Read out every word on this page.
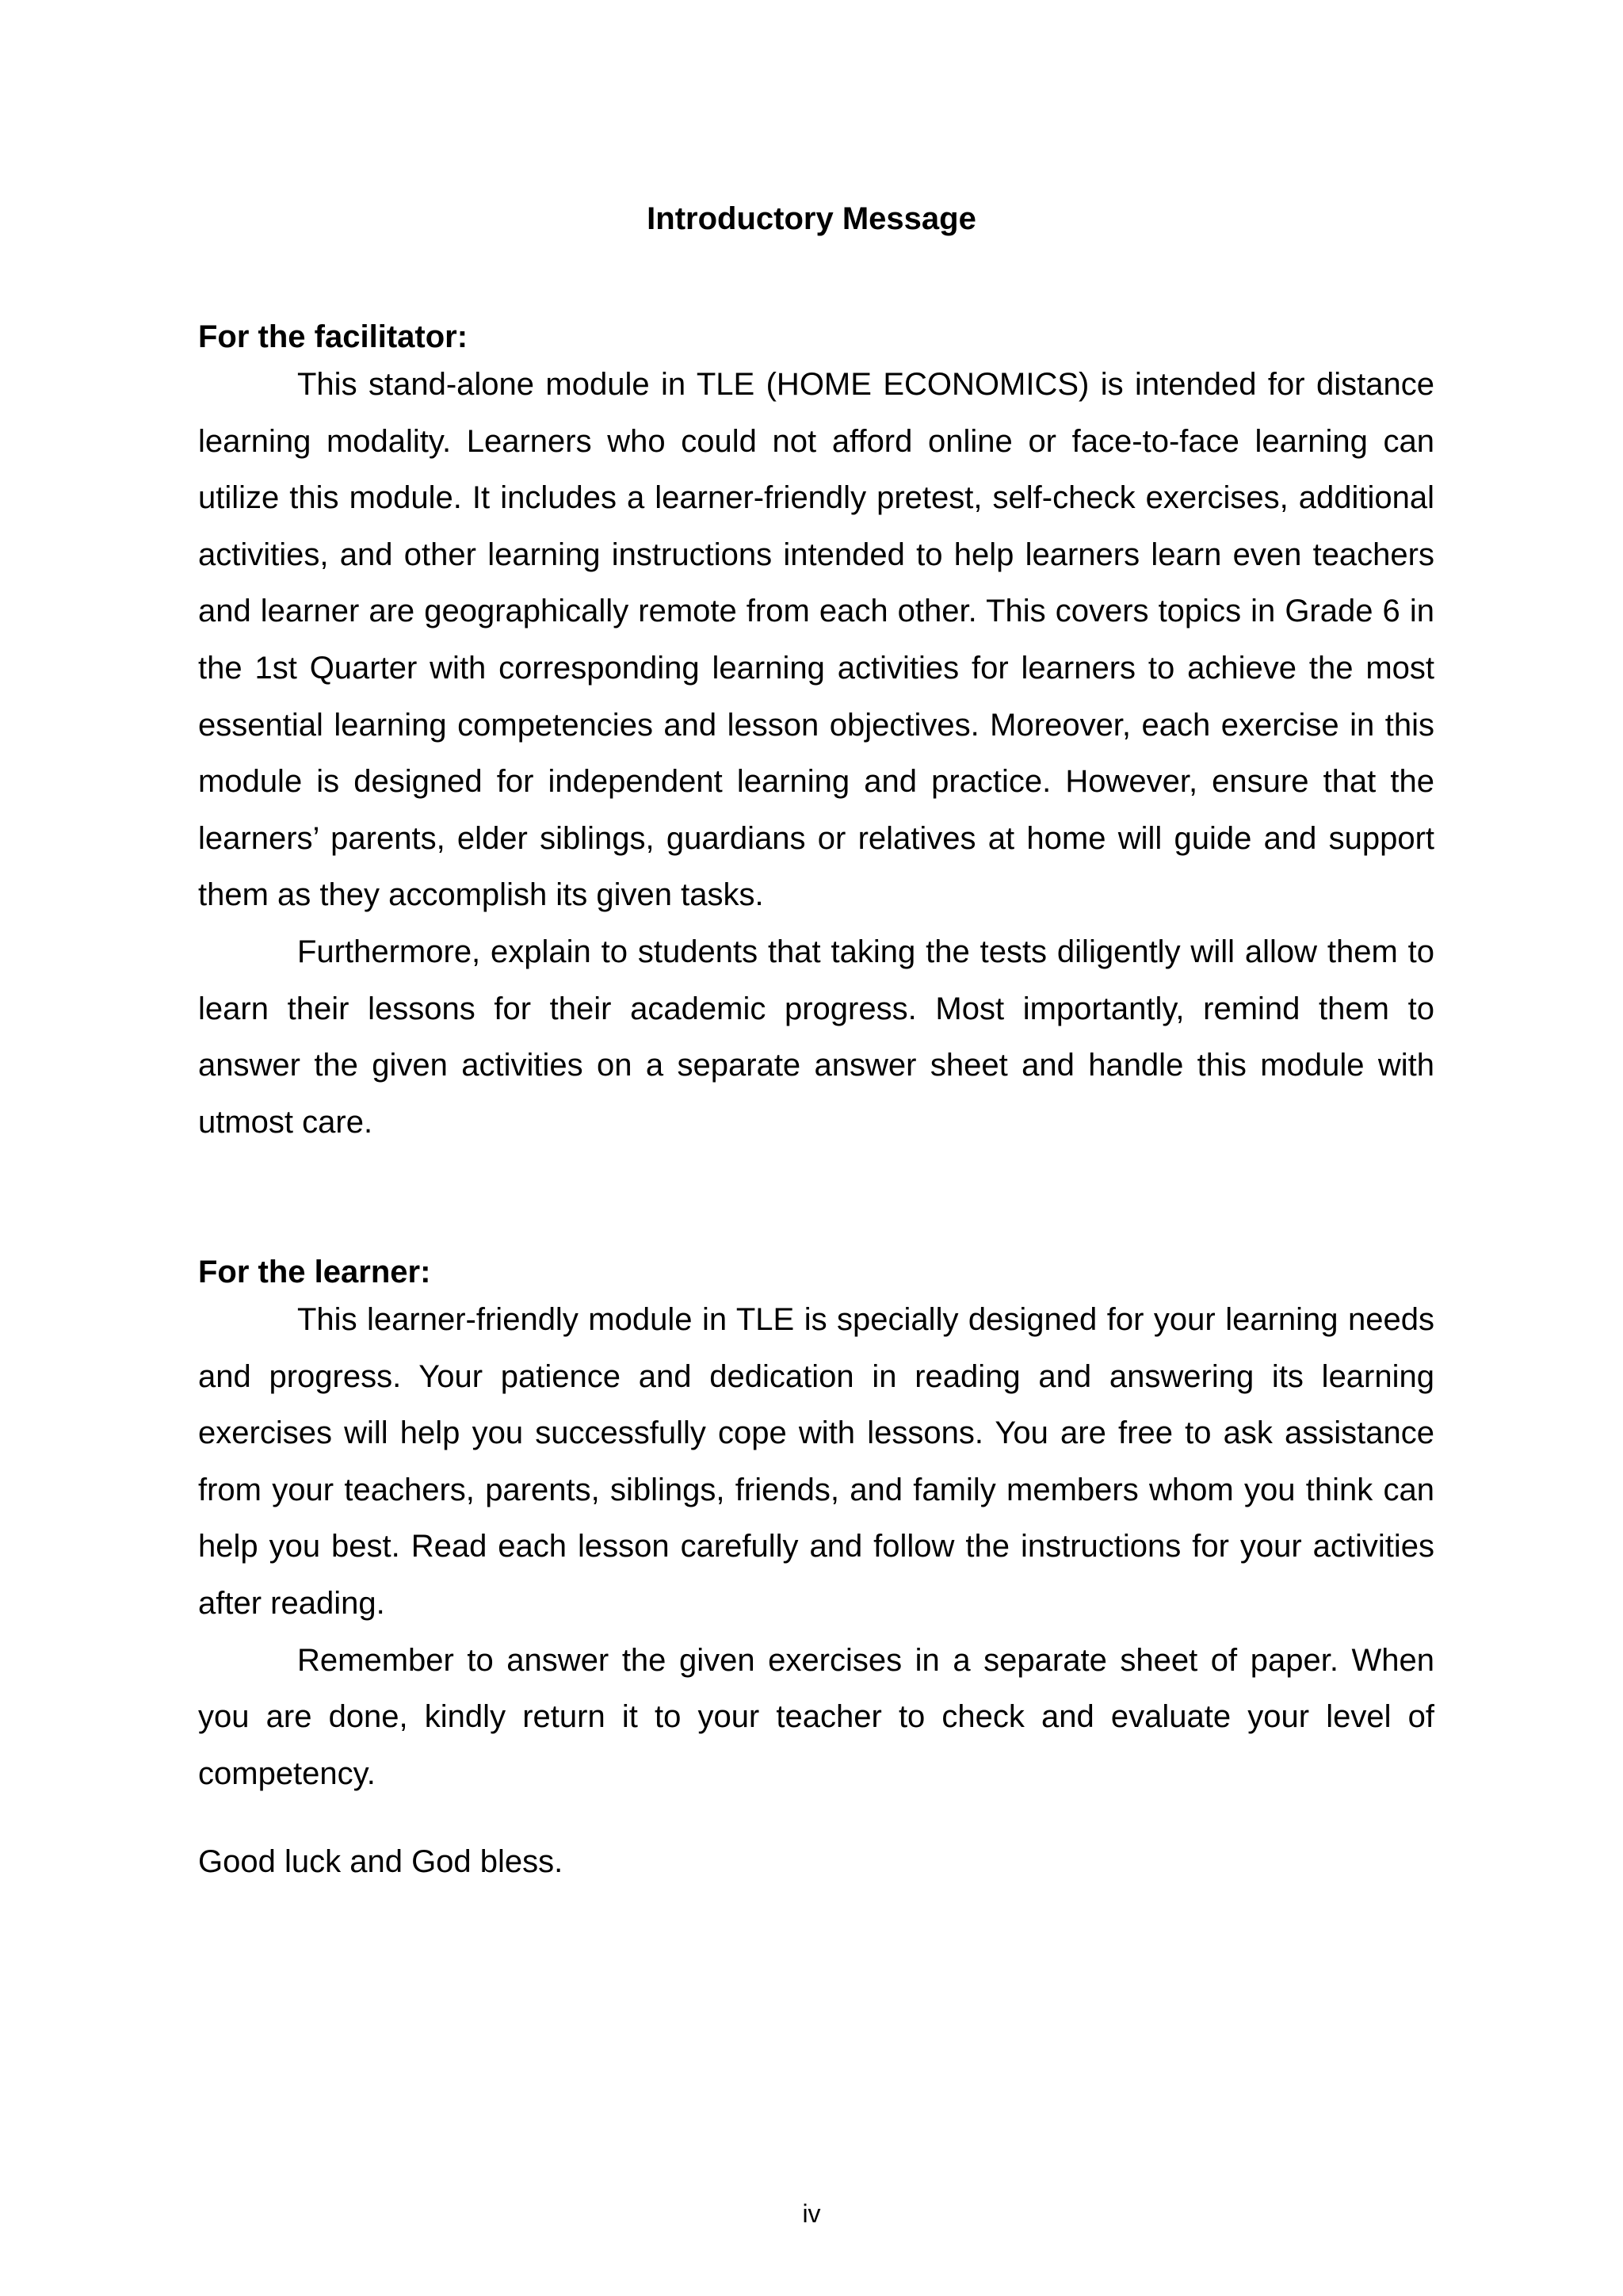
Introductory Message

For the facilitator:

This stand-alone module in TLE (HOME ECONOMICS) is intended for distance learning modality. Learners who could not afford online or face-to-face learning can utilize this module. It includes a learner-friendly pretest, self-check exercises, additional activities, and other learning instructions intended to help learners learn even teachers and learner are geographically remote from each other. This covers topics in Grade 6 in the 1st Quarter with corresponding learning activities for learners to achieve the most essential learning competencies and lesson objectives. Moreover, each exercise in this module is designed for independent learning and practice. However, ensure that the learners’ parents, elder siblings, guardians or relatives at home will guide and support them as they accomplish its given tasks.

Furthermore, explain to students that taking the tests diligently will allow them to learn their lessons for their academic progress. Most importantly, remind them to answer the given activities on a separate answer sheet and handle this module with utmost care.

For the learner:

This learner-friendly module in TLE is specially designed for your learning needs and progress. Your patience and dedication in reading and answering its learning exercises will help you successfully cope with lessons. You are free to ask assistance from your teachers, parents, siblings, friends, and family members whom you think can help you best. Read each lesson carefully and follow the instructions for your activities after reading.

Remember to answer the given exercises in a separate sheet of paper. When you are done, kindly return it to your teacher to check and evaluate your level of competency.

Good luck and God bless.

iv
